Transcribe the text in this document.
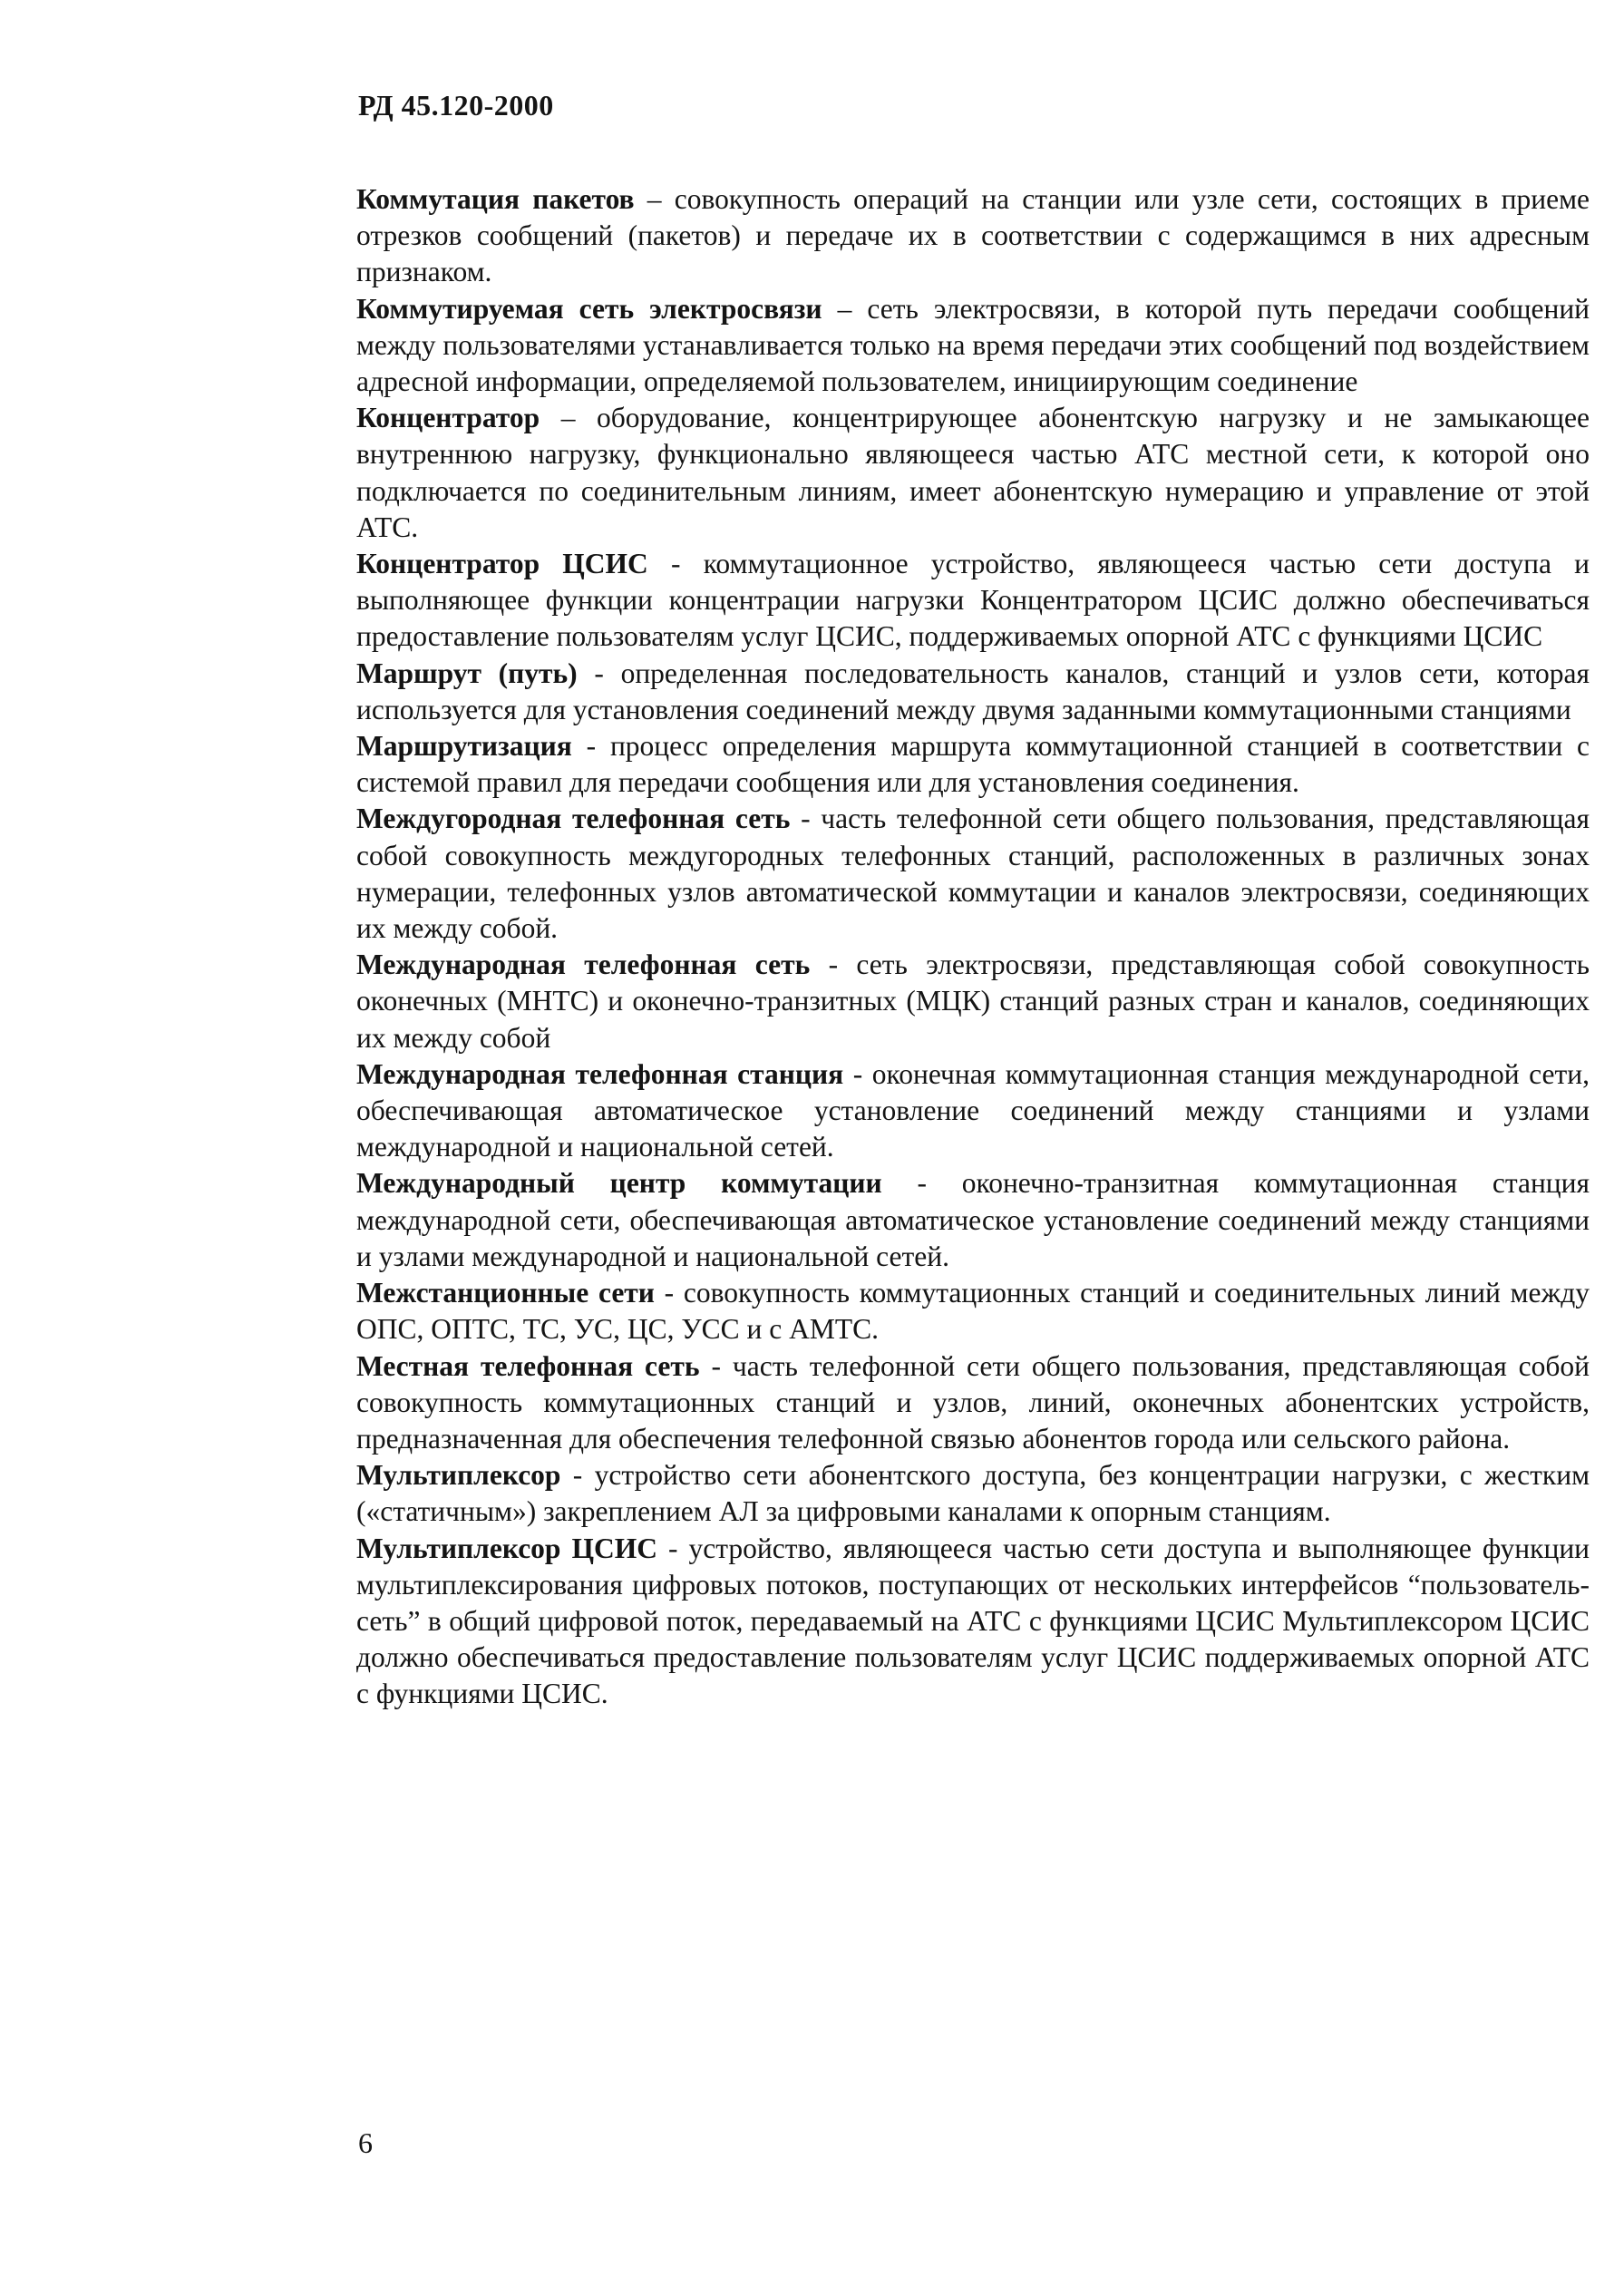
РД 45.120-2000

Коммутация пакетов – совокупность операций на станции или узле сети, состоящих в приеме отрезков сообщений (пакетов) и передаче их в соответствии с содержащимся в них адресным признаком.

Коммутируемая сеть электросвязи – сеть электросвязи, в которой путь передачи сообщений между пользователями устанавливается только на время передачи этих сообщений под воздействием адресной информации, определяемой пользователем, инициирующим соединение

Концентратор – оборудование, концентрирующее абонентскую нагрузку и не замыкающее внутреннюю нагрузку, функционально являющееся частью АТС местной сети, к которой оно подключается по соединительным линиям, имеет абонентскую нумерацию и управление от этой АТС.

Концентратор ЦСИС - коммутационное устройство, являющееся частью сети доступа и выполняющее функции концентрации нагрузки Концентратором ЦСИС должно обеспечиваться предоставление пользователям услуг ЦСИС, поддерживаемых опорной АТС с функциями ЦСИС

Маршрут (путь) - определенная последовательность каналов, станций и узлов сети, которая используется для установления соединений между двумя заданными коммутационными станциями

Маршрутизация - процесс определения маршрута коммутационной станцией в соответствии с системой правил для передачи сообщения или для установления соединения.

Междугородная телефонная сеть - часть телефонной сети общего пользования, представляющая собой совокупность междугородных телефонных станций, расположенных в различных зонах нумерации, телефонных узлов автоматической коммутации и каналов электросвязи, соединяющих их между собой.

Международная телефонная сеть - сеть электросвязи, представляющая собой совокупность оконечных (МНТС) и оконечно-транзитных (МЦК) станций разных стран и каналов, соединяющих их между собой

Международная телефонная станция - оконечная коммутационная станция международной сети, обеспечивающая автоматическое установление соединений между станциями и узлами международной и национальной сетей.

Международный центр коммутации - оконечно-транзитная коммутационная станция международной сети, обеспечивающая автоматическое установление соединений между станциями и узлами международной и национальной сетей.

Межстанционные сети - совокупность коммутационных станций и соединительных линий между ОПС, ОПТС, ТС, УС, ЦС, УСС и с АМТС.

Местная телефонная сеть - часть телефонной сети общего пользования, представляющая собой совокупность коммутационных станций и узлов, линий, оконечных абонентских устройств, предназначенная для обеспечения телефонной связью абонентов города или сельского района.

Мультиплексор - устройство сети абонентского доступа, без концентрации нагрузки, с жестким («статичным») закреплением АЛ за цифровыми каналами к опорным станциям.

Мультиплексор ЦСИС - устройство, являющееся частью сети доступа и выполняющее функции мультиплексирования цифровых потоков, поступающих от нескольких интерфейсов “пользователь-сеть” в общий цифровой поток, передаваемый на АТС с функциями ЦСИС Мультиплексором ЦСИС должно обеспечиваться предоставление пользователям услуг ЦСИС поддерживаемых опорной АТС с функциями ЦСИС.

6
